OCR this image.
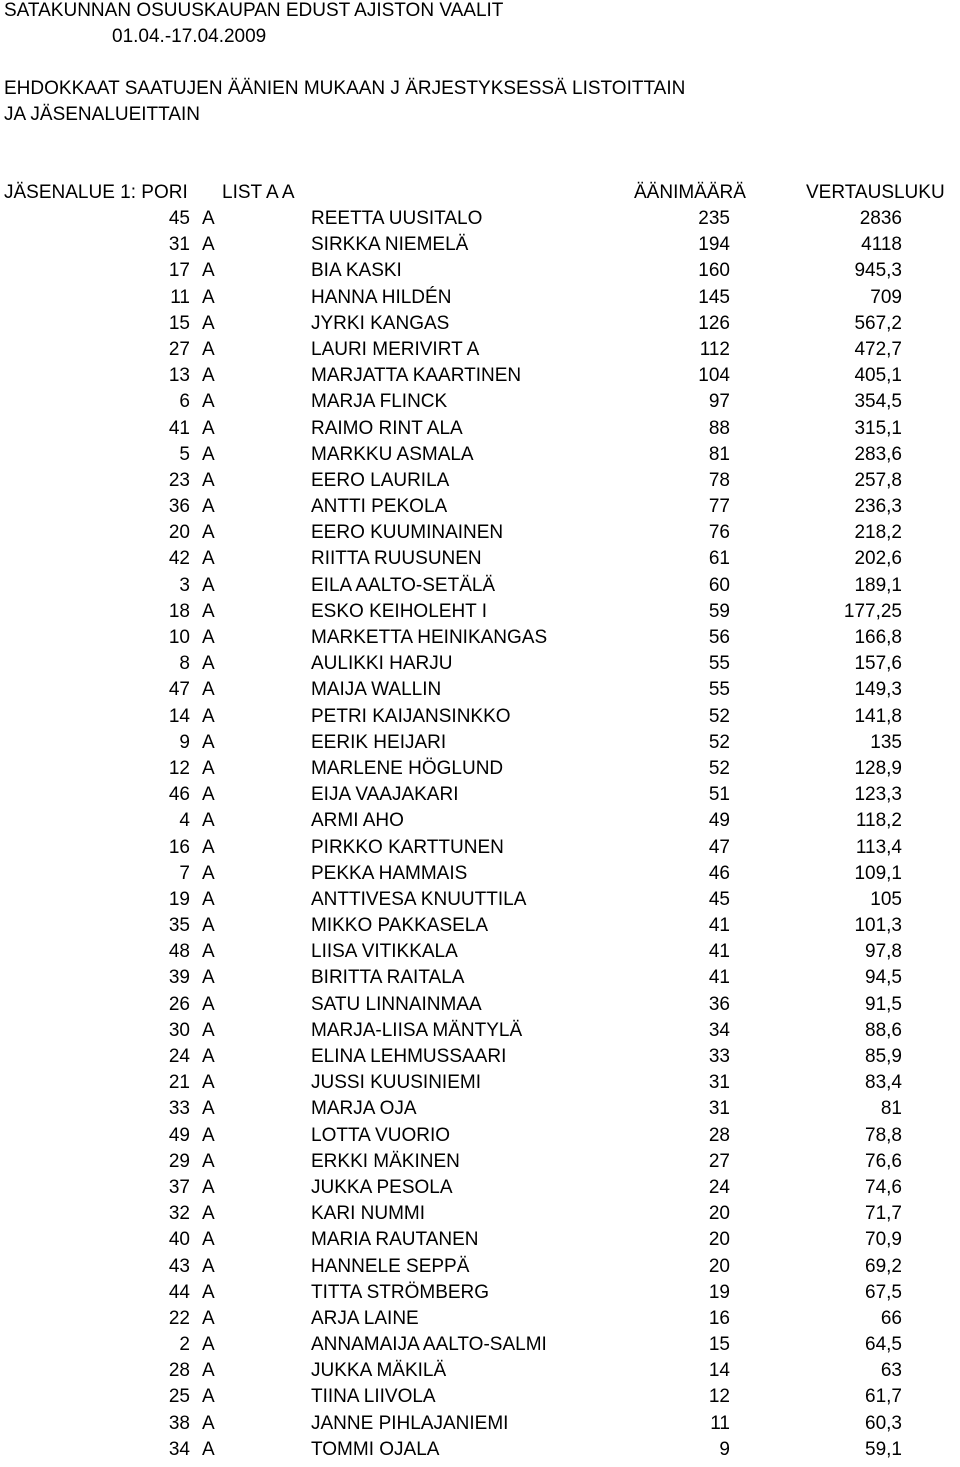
SATAKUNNAN OSUUSKAUPAN EDUST AJISTON VAALIT
01.04.-17.04.2009
EHDOKKAAT SAATUJEN ÄÄNIEN MUKAAN J ÄRJESTYKSESSÄ LISTOITTAIN
JA JÄSENALUEITTAIN
JÄSENALUE 1: PORI LIST A A	ÄÄNIMÄÄRÄ	VERTAUSLUKU
45 A	REETTA UUSITALO	235	2836
31 A	SIRKKA NIEMELÄ	194	4118
17 A	BIA KASKI	160	945,3
11 A	HANNA HILDÉN	145	709
15 A	JYRKI KANGAS	126	567,2
27 A	LAURI MERIVIRT A	112	472,7
13 A	MARJATTA KAARTINEN	104	405,1
6 A	MARJA FLINCK	97	354,5
41 A	RAIMO RINT ALA	88	315,1
5 A	MARKKU ASMALA	81	283,6
23 A	EERO LAURILA	78	257,8
36 A	ANTTI PEKOLA	77	236,3
20 A	EERO KUUMINAINEN	76	218,2
42 A	RIITTA RUUSUNEN	61	202,6
3 A	EILA AALTO-SETÄLÄ	60	189,1
18 A	ESKO KEIHOLEHT I	59	177,25
10 A	MARKETTA HEINIKANGAS	56	166,8
8 A	AULIKKI HARJU	55	157,6
47 A	MAIJA WALLIN	55	149,3
14 A	PETRI KAIJANSINKKO	52	141,8
9 A	EERIK HEIJARI	52	135
12 A	MARLENE HÖGLUND	52	128,9
46 A	EIJA VAAJAKARI	51	123,3
4 A	ARMI AHO	49	118,2
16 A	PIRKKO KARTTUNEN	47	113,4
7 A	PEKKA HAMMAIS	46	109,1
19 A	ANTTIVESA KNUUTTILA	45	105
35 A	MIKKO PAKKASELA	41	101,3
48 A	LIISA VITIKKALA	41	97,8
39 A	BIRITTA RAITALA	41	94,5
26 A	SATU LINNAINMAA	36	91,5
30 A	MARJA-LIISA MÄNTYLÄ	34	88,6
24 A	ELINA LEHMUSSAARI	33	85,9
21 A	JUSSI KUUSINIEMI	31	83,4
33 A	MARJA OJA	31	81
49 A	LOTTA VUORIO	28	78,8
29 A	ERKKI MÄKINEN	27	76,6
37 A	JUKKA PESOLA	24	74,6
32 A	KARI NUMMI	20	71,7
40 A	MARIA RAUTANEN	20	70,9
43 A	HANNELE SEPPÄ	20	69,2
44 A	TITTA STRÖMBERG	19	67,5
22 A	ARJA LAINE	16	66
2 A	ANNAMAIJA AALTO-SALMI	15	64,5
28 A	JUKKA MÄKILÄ	14	63
25 A	TIINA LIIVOLA	12	61,7
38 A	JANNE PIHLAJANIEMI	11	60,3
34 A	TOMMI OJALA	9	59,1
